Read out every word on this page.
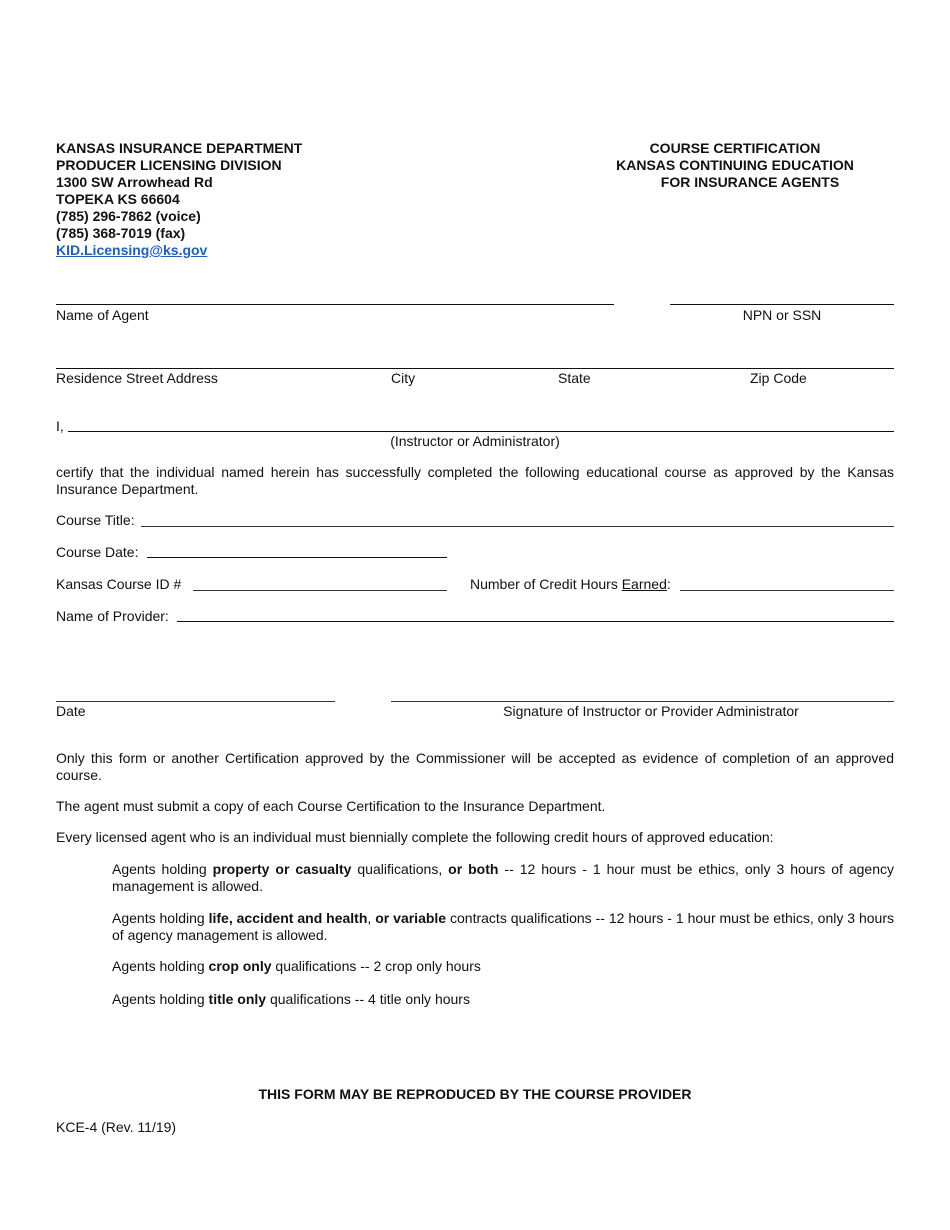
KANSAS INSURANCE DEPARTMENT
PRODUCER LICENSING DIVISION
1300 SW Arrowhead Rd
TOPEKA KS 66604
(785) 296-7862 (voice)
(785) 368-7019 (fax)
KID.Licensing@ks.gov
COURSE CERTIFICATION
KANSAS CONTINUING EDUCATION
FOR INSURANCE AGENTS
Name of Agent	NPN or SSN
Residence Street Address	City	State	Zip Code
I,
(Instructor or Administrator)
certify that the individual named herein has successfully completed the following educational course as approved by the Kansas Insurance Department.
Course Title:
Course Date:
Kansas Course ID #	Number of Credit Hours Earned:
Name of Provider:
Date	Signature of Instructor or Provider Administrator
Only this form or another Certification approved by the Commissioner will be accepted as evidence of completion of an approved course.
The agent must submit a copy of each Course Certification to the Insurance Department.
Every licensed agent who is an individual must biennially complete the following credit hours of approved education:
Agents holding property or casualty qualifications, or both -- 12 hours - 1 hour must be ethics, only 3 hours of agency management is allowed.
Agents holding life, accident and health, or variable contracts qualifications -- 12 hours - 1 hour must be ethics, only 3 hours of agency management is allowed.
Agents holding crop only qualifications -- 2 crop only hours
Agents holding title only qualifications -- 4 title only hours
THIS FORM MAY BE REPRODUCED BY THE COURSE PROVIDER
KCE-4 (Rev. 11/19)
